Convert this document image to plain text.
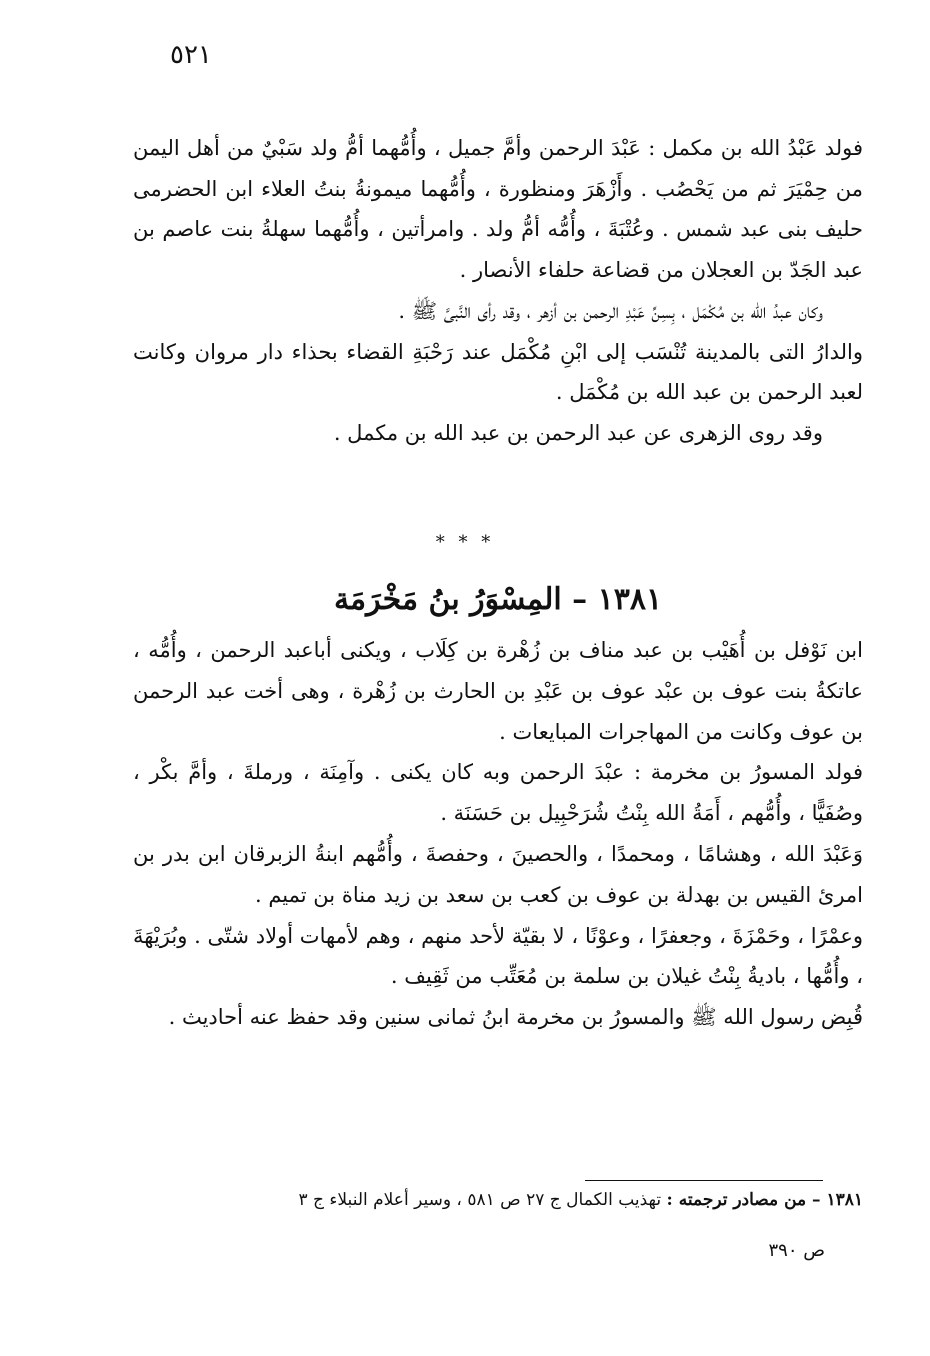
٥٢١

فولد عَبْدُ الله بن مكمل : عَبْدَ الرحمن وأمَّ جميل ، وأُمُّهما أمُّ ولد سَبْيٌ من أهل اليمن من حِمْيَرَ ثم من يَحْصُب . وأَزْهَرَ ومنظورة ، وأُمُّهما ميمونةُ بنتُ العلاء ابن الحضرمى حليف بنى عبد شمس . وعُتْبَةَ ، وأُمُّه أمُّ ولد . وامرأتين ، وأُمُّهما سهلةُ بنت عاصم بن عبد الجَدّ بن العجلان من قضاعة حلفاء الأنصار .

وكان عبدُ الله بن مُكْمَل ، بِسِنِّ عَبْدِ الرحمن بن أزهر ، وقد رأى النَّبىَّ ﷺ .

والدارُ التى بالمدينة تُنْسَب إلى ابْنِ مُكْمَل عند رَحْبَةِ القضاء بحذاء دار مروان وكانت لعبد الرحمن بن عبد الله بن مُكْمَل .

وقد روى الزهرى عن عبد الرحمن بن عبد الله بن مكمل .

* * *
١٣٨١ – المِسْوَرُ بنُ مَخْرَمَة

ابن نَوْفل بن أُهَيْب بن عبد مناف بن زُهْرة بن كِلَاب ، ويكنى أباعبد الرحمن ، وأُمُّه ، عاتكةُ بنت عوف بن عبْد عوف بن عَبْدِ بن الحارث بن زُهْرة ، وهى أخت عبد الرحمن بن عوف وكانت من المهاجرات المبايعات .

فولد المسورُ بن مخرمة : عبْدَ الرحمن وبه كان يكنى . وآمِنَة ، ورملةَ ، وأمَّ بكْر ، وصُفَيًّا ، وأُمُّهم ، أَمَةُ الله بِنْتُ شُرَحْبِيل بن حَسَنَة .

وَعَبْدَ الله ، وهشامًا ، ومحمدًا ، والحصينَ ، وحفصةَ ، وأُمُّهم ابنةُ الزبرقان ابن بدر بن امرئ القيس بن بهدلة بن عوف بن كعب بن سعد بن زيد مناة بن تميم .

وعمْرًا ، وحَمْزَةَ ، وجعفرًا ، وعوْنًا ، لا بقيّة لأحد منهم ، وهم لأمهات أولاد شتّى . وبُرَيْهَةَ ، وأُمُّها ، باديةُ بِنْتُ غيلان بن سلمة بن مُعَتِّب من ثَقِيف .

قُبِض رسول الله ﷺ والمسورُ بن مخرمة ابنُ ثمانى سنين وقد حفظ عنه أحاديث .

١٣٨١ – من مصادر ترجمته : تهذيب الكمال ج ٢٧ ص ٥٨١ ، وسير أعلام النبلاء ج ٣
ص ٣٩٠
